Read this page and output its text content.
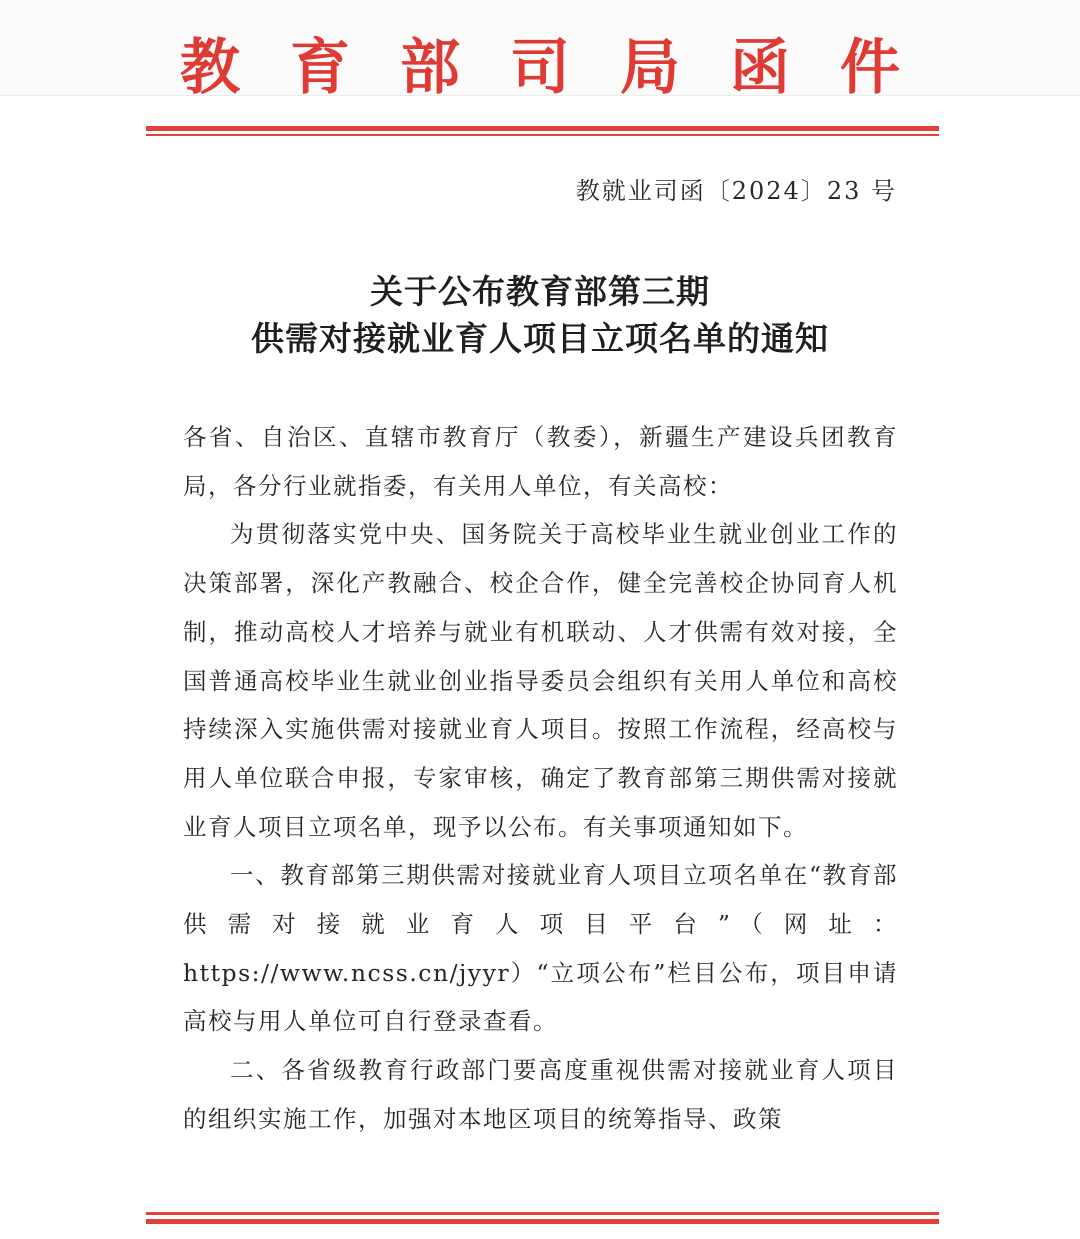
教育部司局函件
教就业司函〔2024〕23 号
关于公布教育部第三期
供需对接就业育人项目立项名单的通知

各省、自治区、直辖市教育厅（教委），新疆生产建设兵团教育局，各分行业就指委，有关用人单位，有关高校：

为贯彻落实党中央、国务院关于高校毕业生就业创业工作的决策部署，深化产教融合、校企合作，健全完善校企协同育人机制，推动高校人才培养与就业有机联动、人才供需有效对接，全国普通高校毕业生就业创业指导委员会组织有关用人单位和高校持续深入实施供需对接就业育人项目。按照工作流程，经高校与用人单位联合申报，专家审核，确定了教育部第三期供需对接就业育人项目立项名单，现予以公布。有关事项通知如下。

一、教育部第三期供需对接就业育人项目立项名单在“教育部供需对接就业育人项目平台”（网址：https://www.ncss.cn/jyyr）“立项公布”栏目公布，项目申请高校与用人单位可自行登录查看。

二、各省级教育行政部门要高度重视供需对接就业育人项目的组织实施工作，加强对本地区项目的统筹指导、政策
